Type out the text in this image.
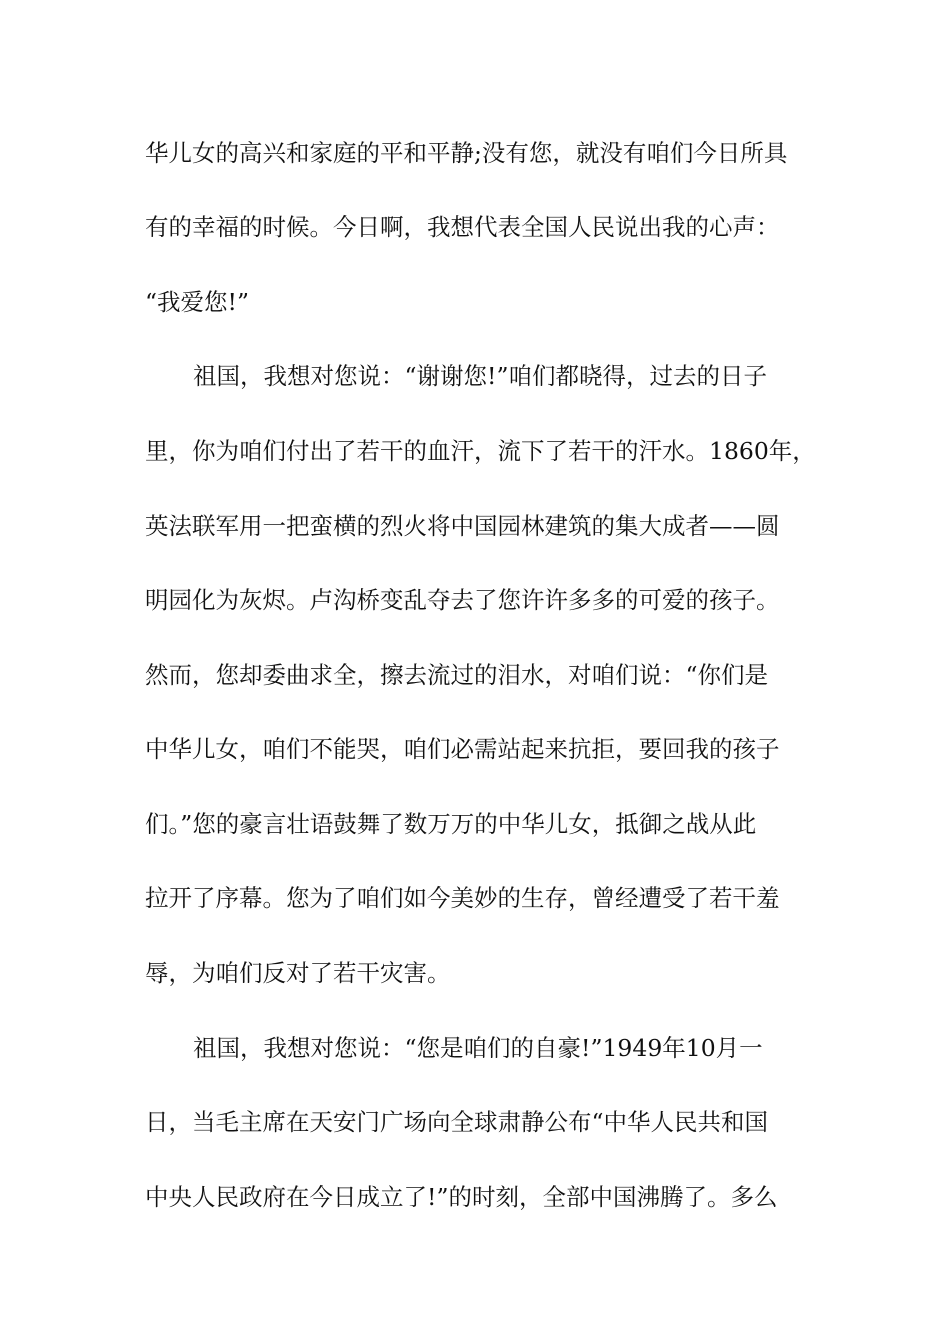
华儿女的高兴和家庭的平和平静;没有您，就没有咱们今日所具
有的幸福的时候。今日啊，我想代表全国人民说出我的心声：
“我爱您!”
祖国，我想对您说：“谢谢您!”咱们都晓得，过去的日子
里，你为咱们付出了若干的血汗，流下了若干的汗水。1860年，
英法联军用一把蛮横的烈火将中国园林建筑的集大成者——圆
明园化为灰烬。卢沟桥变乱夺去了您许许多多的可爱的孩子。
然而，您却委曲求全，擦去流过的泪水，对咱们说：“你们是
中华儿女，咱们不能哭，咱们必需站起来抗拒，要回我的孩子
们。”您的豪言壮语鼓舞了数万万的中华儿女，抵御之战从此
拉开了序幕。您为了咱们如今美妙的生存，曾经遭受了若干羞
辱，为咱们反对了若干灾害。
祖国，我想对您说：“您是咱们的自豪!”1949年10月一
日，当毛主席在天安门广场向全球肃静公布“中华人民共和国
中央人民政府在今日成立了!”的时刻，全部中国沸腾了。多么
